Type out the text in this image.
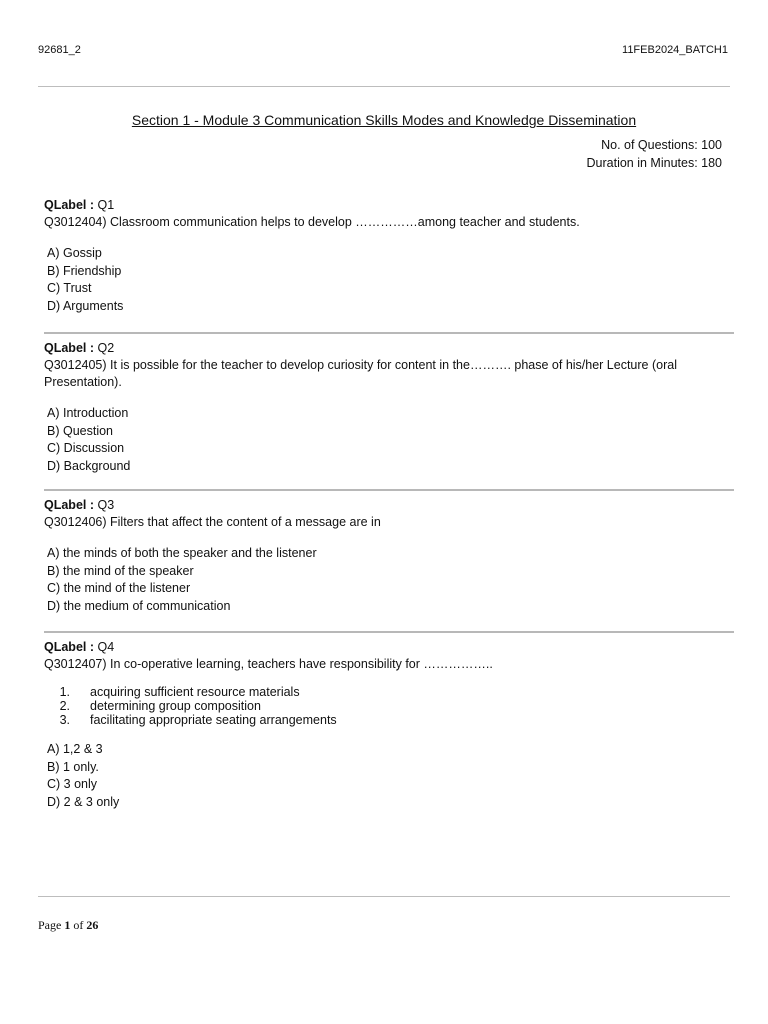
92681_2	11FEB2024_BATCH1
Section 1 - Module 3 Communication Skills Modes and Knowledge Dissemination
No. of Questions: 100
Duration in Minutes: 180
QLabel : Q1

Q3012404) Classroom communication helps to develop ……………among teacher and students.

A) Gossip
B) Friendship
C) Trust
D) Arguments
QLabel : Q2

Q3012405) It is possible for the teacher to develop curiosity for content in the………. phase of his/her Lecture (oral Presentation).

A) Introduction
B) Question
C) Discussion
D) Background
QLabel : Q3

Q3012406) Filters that affect the content of a message are in

A) the minds of both the speaker and the listener
B) the mind of the speaker
C) the mind of the listener
D) the medium of communication
QLabel : Q4

Q3012407) In co-operative learning, teachers have responsibility for ……………..

1. acquiring sufficient resource materials
2. determining group composition
3. facilitating appropriate seating arrangements
A) 1,2 & 3
B) 1 only.
C) 3 only
D) 2 & 3 only
Page 1 of 26
